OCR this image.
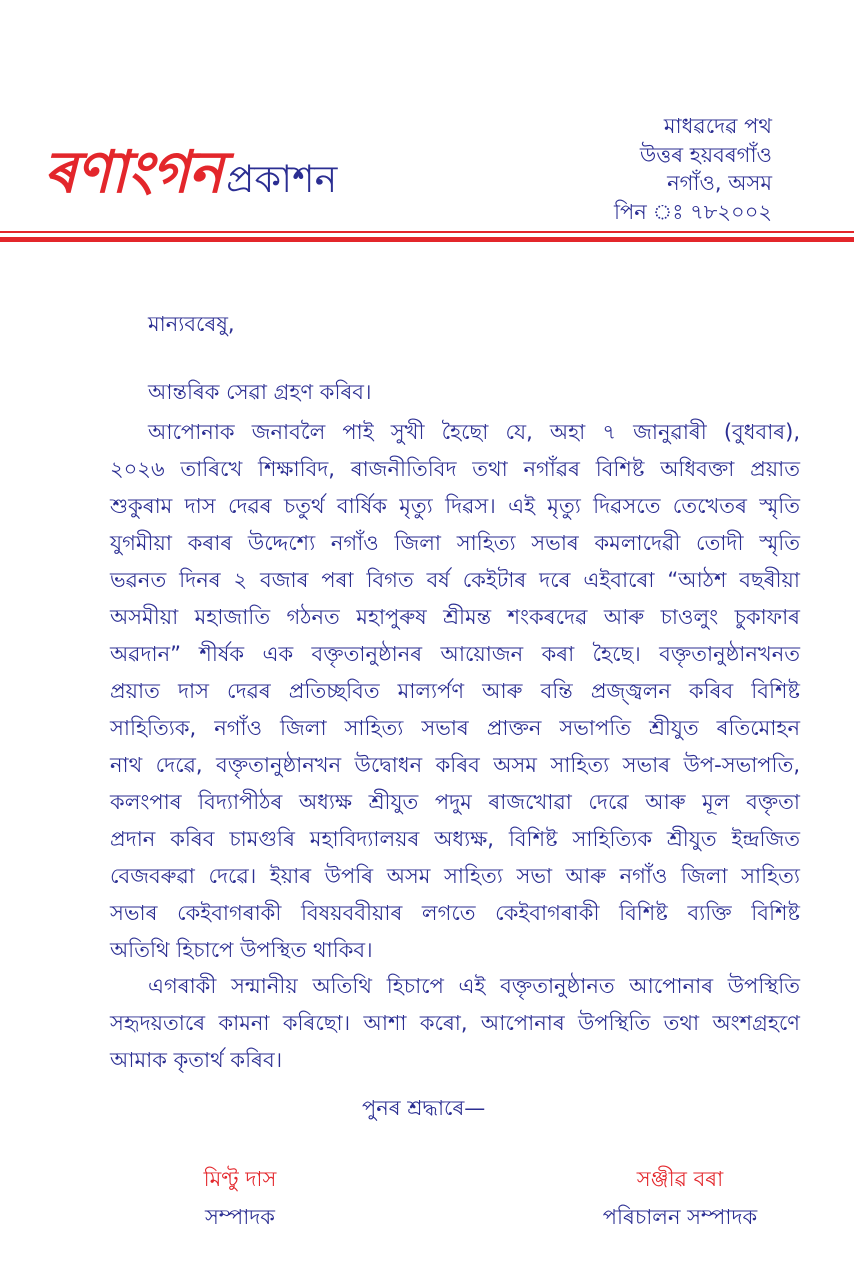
ৰণাংগন প্ৰকাশন
মাধৱদেৱ পথ
উত্তৰ হয়বৰগাঁও
নগাঁও, অসম
পিন ঃ ৭৮২০০২
মান্যবৰেষু,
আন্তৰিক সেৱা গ্ৰহণ কৰিব।
আপোনাক জনাবলৈ পাই সুখী হৈছো যে, অহা ৭ জানুৱাৰী (বুধবাৰ),
২০২৬ তাৰিখে শিক্ষাবিদ, ৰাজনীতিবিদ তথা নগাঁৱৰ বিশিষ্ট অধিবক্তা প্ৰয়াত
শুকুৰাম দাস দেৱৰ চতুৰ্থ বাৰ্ষিক মৃত্যু দিৱস। এই মৃত্যু দিৱসতে তেখেতৰ স্মৃতি
যুগমীয়া কৰাৰ উদ্দেশ্যে নগাঁও জিলা সাহিত্য সভাৰ কমলাদেৱী তোদী স্মৃতি
ভৱনত দিনৰ ২ বজাৰ পৰা বিগত বৰ্ষ কেইটাৰ দৰে এইবাৰো “আঠশ বছৰীয়া
অসমীয়া মহাজাতি গঠনত মহাপুৰুষ শ্ৰীমন্ত শংকৰদেৱ আৰু চাওলুং চুকাফাৰ
অৱদান” শীৰ্ষক এক বক্তৃতানুষ্ঠানৰ আয়োজন কৰা হৈছে। বক্তৃতানুষ্ঠানখনত
প্ৰয়াত দাস দেৱৰ প্ৰতিচ্ছবিত মাল্যৰ্পণ আৰু বন্তি প্ৰজ্জ্বলন কৰিব বিশিষ্ট
সাহিত্যিক, নগাঁও জিলা সাহিত্য সভাৰ প্ৰাক্তন সভাপতি শ্ৰীযুত ৰতিমোহন
নাথ দেৱে, বক্তৃতানুষ্ঠানখন উদ্বোধন কৰিব অসম সাহিত্য সভাৰ উপ-সভাপতি,
কলংপাৰ বিদ্যাপীঠৰ অধ্যক্ষ শ্ৰীযুত পদুম ৰাজখোৱা দেৱে আৰু মূল বক্তৃতা
প্ৰদান কৰিব চামগুৰি মহাবিদ্যালয়ৰ অধ্যক্ষ, বিশিষ্ট সাহিত্যিক শ্ৰীযুত ইন্দ্ৰজিত
বেজবৰুৱা দেৱে। ইয়াৰ উপৰি অসম সাহিত্য সভা আৰু নগাঁও জিলা সাহিত্য
সভাৰ কেইবাগৰাকী বিষয়ববীয়াৰ লগতে কেইবাগৰাকী বিশিষ্ট ব্যক্তি বিশিষ্ট
অতিথি হিচাপে উপস্থিত থাকিব।
এগৰাকী সন্মানীয় অতিথি হিচাপে এই বক্তৃতানুষ্ঠানত আপোনাৰ উপস্থিতি
সহৃদয়তাৰে কামনা কৰিছো। আশা কৰো, আপোনাৰ উপস্থিতি তথা অংশগ্ৰহণে
আমাক কৃতাৰ্থ কৰিব।
পুনৰ শ্ৰদ্ধাৰে—
মিণ্টু দাস
সম্পাদক
সঞ্জীৱ বৰা
পৰিচালন সম্পাদক
